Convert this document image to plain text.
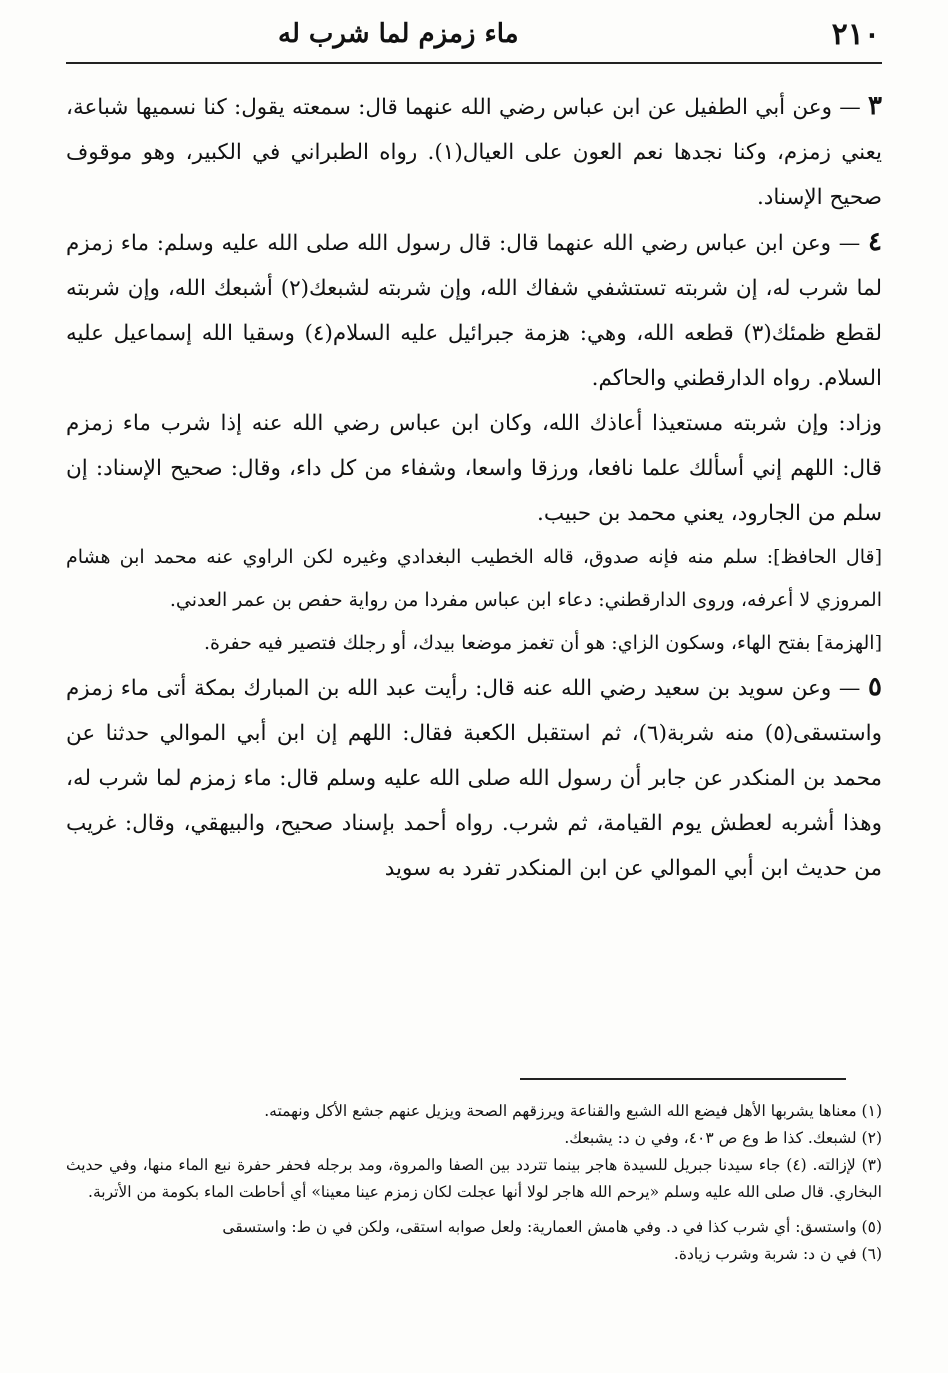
٢١٠
ماء زمزم لما شرب له

٣ — وعن أبي الطفيل عن ابن عباس رضي الله عنهما قال: سمعته يقول: كنا نسميها شباعة، يعني زمزم، وكنا نجدها نعم العون على العيال(١). رواه الطبراني في الكبير، وهو موقوف صحيح الإسناد.

٤ — وعن ابن عباس رضي الله عنهما قال: قال رسول الله صلى الله عليه وسلم: ماء زمزم لما شرب له، إن شربته تستشفي شفاك الله، وإن شربته لشبعك(٢) أشبعك الله، وإن شربته لقطع ظمئك(٣) قطعه الله، وهي: هزمة جبرائيل عليه السلام(٤) وسقيا الله إسماعيل عليه السلام. رواه الدارقطني والحاكم.

وزاد: وإن شربته مستعيذا أعاذك الله، وكان ابن عباس رضي الله عنه إذا شرب ماء زمزم قال: اللهم إني أسألك علما نافعا، ورزقا واسعا، وشفاء من كل داء، وقال: صحيح الإسناد: إن سلم من الجارود، يعني محمد بن حبيب.

[قال الحافظ]: سلم منه فإنه صدوق، قاله الخطيب البغدادي وغيره لكن الراوي عنه محمد ابن هشام المروزي لا أعرفه، وروى الدارقطني: دعاء ابن عباس مفردا من رواية حفص بن عمر العدني.

[الهزمة] بفتح الهاء، وسكون الزاي: هو أن تغمز موضعا بيدك، أو رجلك فتصير فيه حفرة.

٥ — وعن سويد بن سعيد رضي الله عنه قال: رأيت عبد الله بن المبارك بمكة أتى ماء زمزم واستسقى(٥) منه شربة(٦)، ثم استقبل الكعبة فقال: اللهم إن ابن أبي الموالي حدثنا عن محمد بن المنكدر عن جابر أن رسول الله صلى الله عليه وسلم قال: ماء زمزم لما شرب له، وهذا أشربه لعطش يوم القيامة، ثم شرب. رواه أحمد بإسناد صحيح، والبيهقي، وقال: غريب من حديث ابن أبي الموالي عن ابن المنكدر تفرد به سويد

(١) معناها يشربها الأهل فيضع الله الشبع والقناعة ويرزقهم الصحة ويزيل عنهم جشع الأكل ونهمته.

(٢) لشبعك. كذا ط وع ص ٤٠٣، وفي ن د: يشبعك.

(٣) لإزالته. (٤) جاء سيدنا جبريل للسيدة هاجر بينما تتردد بين الصفا والمروة، ومد برجله فحفر حفرة نبع الماء منها، وفي حديث البخاري. قال صلى الله عليه وسلم «يرحم الله هاجر لولا أنها عجلت لكان زمزم عينا معينا» أي أحاطت الماء بكومة من الأتربة.

(٥) واستسق: أي شرب كذا في د. وفي هامش العمارية: ولعل صوابه استقى، ولكن في ن ط: واستسقى

(٦) في ن د: شربة وشرب زيادة.
